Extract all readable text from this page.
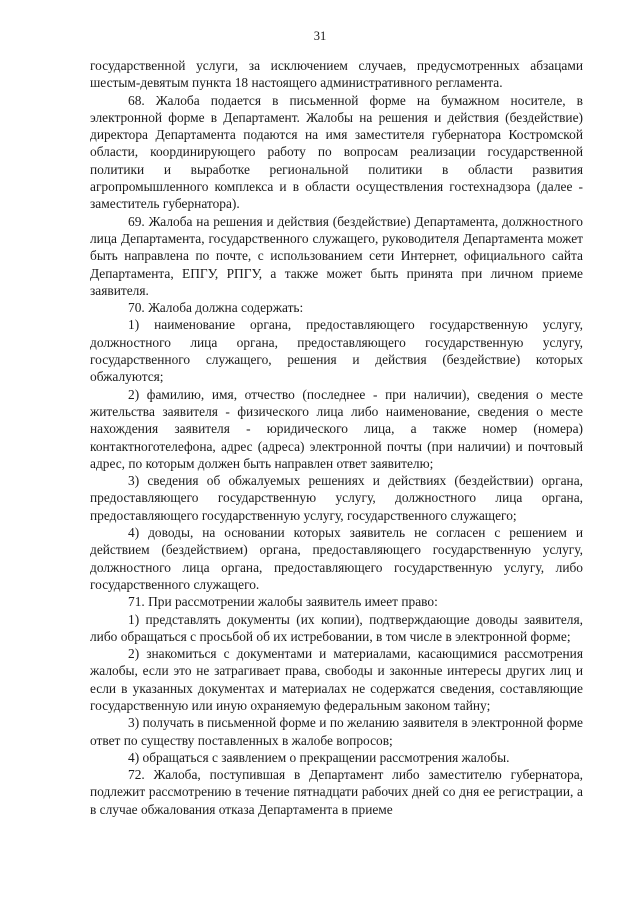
31

государственной услуги, за исключением случаев, предусмотренных абзацами шестым-девятым пункта 18 настоящего административного регламента.

68. Жалоба подается в письменной форме на бумажном носителе, в электронной форме в Департамент. Жалобы на решения и действия (бездействие) директора Департамента подаются на имя заместителя губернатора Костромской области, координирующего работу по вопросам реализации государственной политики и выработке региональной политики в области развития агропромышленного комплекса и в области осуществления гостехнадзора (далее - заместитель губернатора).

69. Жалоба на решения и действия (бездействие) Департамента, должностного лица Департамента, государственного служащего, руководителя Департамента может быть направлена по почте, с использованием сети Интернет, официального сайта Департамента, ЕПГУ, РПГУ, а также может быть принята при личном приеме заявителя.

70. Жалоба должна содержать:

1) наименование органа, предоставляющего государственную услугу, должностного лица органа, предоставляющего государственную услугу, государственного служащего, решения и действия (бездействие) которых обжалуются;

2) фамилию, имя, отчество (последнее - при наличии), сведения о месте жительства заявителя - физического лица либо наименование, сведения о месте нахождения заявителя - юридического лица, а также номер (номера) контактноготелефона, адрес (адреса) электронной почты (при наличии) и почтовый адрес, по которым должен быть направлен ответ заявителю;

3) сведения об обжалуемых решениях и действиях (бездействии) органа, предоставляющего государственную услугу, должностного лица органа, предоставляющего государственную услугу, государственного служащего;

4) доводы, на основании которых заявитель не согласен с решением и действием (бездействием) органа, предоставляющего государственную услугу, должностного лица органа, предоставляющего государственную услугу, либо государственного служащего.

71. При рассмотрении жалобы заявитель имеет право:

1) представлять документы (их копии), подтверждающие доводы заявителя, либо обращаться с просьбой об их истребовании, в том числе в электронной форме;

2) знакомиться с документами и материалами, касающимися рассмотрения жалобы, если это не затрагивает права, свободы и законные интересы других лиц и если в указанных документах и материалах не содержатся сведения, составляющие государственную или иную охраняемую федеральным законом тайну;

3) получать в письменной форме и по желанию заявителя в электронной форме ответ по существу поставленных в жалобе вопросов;

4) обращаться с заявлением о прекращении рассмотрения жалобы.

72. Жалоба, поступившая в Департамент либо заместителю губернатора, подлежит рассмотрению в течение пятнадцати рабочих дней со дня ее регистрации, а в случае обжалования отказа Департамента в приеме
